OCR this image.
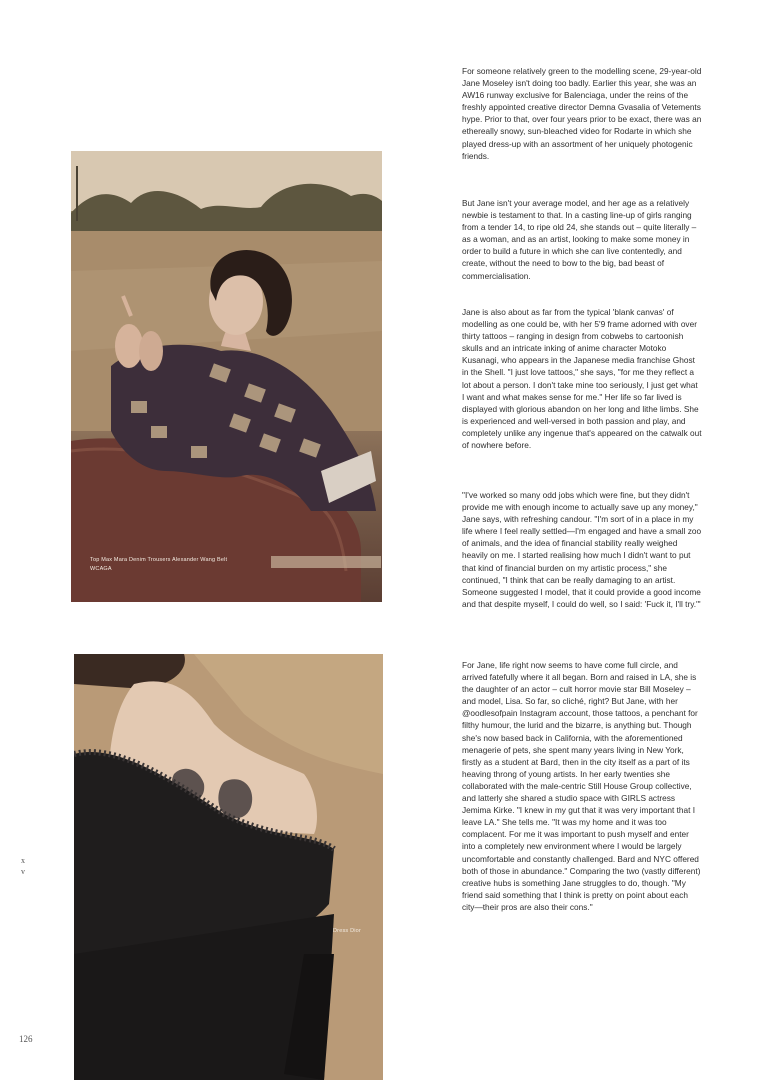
Top Max Mara Denim Trousers Alexander Wang Belt WCAGA
Dress Dior
For someone relatively green to the modelling scene, 29-year-old Jane Moseley isn't doing too badly. Earlier this year, she was an AW16 runway exclusive for Balenciaga, under the reins of the freshly appointed creative director Demna Gvasalia of Vetements hype. Prior to that, over four years prior to be exact, there was an ethereally snowy, sun-bleached video for Rodarte in which she played dress-up with an assortment of her uniquely photogenic friends.
But Jane isn't your average model, and her age as a relatively newbie is testament to that. In a casting line-up of girls ranging from a tender 14, to ripe old 24, she stands out – quite literally – as a woman, and as an artist, looking to make some money in order to build a future in which she can live contentedly, and create, without the need to bow to the big, bad beast of commercialisation.
Jane is also about as far from the typical 'blank canvas' of modelling as one could be, with her 5'9 frame adorned with over thirty tattoos – ranging in design from cobwebs to cartoonish skulls and an intricate inking of anime character Motoko Kusanagi, who appears in the Japanese media franchise Ghost in the Shell. "I just love tattoos," she says, "for me they reflect a lot about a person. I don't take mine too seriously, I just get what I want and what makes sense for me." Her life so far lived is displayed with glorious abandon on her long and lithe limbs. She is experienced and well-versed in both passion and play, and completely unlike any ingenue that's appeared on the catwalk out of nowhere before.
"I've worked so many odd jobs which were fine, but they didn't provide me with enough income to actually save up any money," Jane says, with refreshing candour. "I'm sort of in a place in my life where I feel really settled—I'm engaged and have a small zoo of animals, and the idea of financial stability really weighed heavily on me. I started realising how much I didn't want to put that kind of financial burden on my artistic process," she continued, "I think that can be really damaging to an artist. Someone suggested I model, that it could provide a good income and that despite myself, I could do well, so I said: 'Fuck it, I'll try.'"
For Jane, life right now seems to have come full circle, and arrived fatefully where it all began. Born and raised in LA, she is the daughter of an actor – cult horror movie star Bill Moseley – and model, Lisa. So far, so cliché, right? But Jane, with her @oodlesofpain Instagram account, those tattoos, a penchant for filthy humour, the lurid and the bizarre, is anything but. Though she's now based back in California, with the aforementioned menagerie of pets, she spent many years living in New York, firstly as a student at Bard, then in the city itself as a part of its heaving throng of young artists. In her early twenties she collaborated with the male-centric Still House Group collective, and latterly she shared a studio space with GIRLS actress Jemima Kirke. "I knew in my gut that it was very important that I leave LA." She tells me. "It was my home and it was too complacent. For me it was important to push myself and enter into a completely new environment where I would be largely uncomfortable and constantly challenged. Bard and NYC offered both of those in abundance." Comparing the two (vastly different) creative hubs is something Jane struggles to do, though. "My friend said something that I think is pretty on point about each city—their pros are also their cons."
x
v
126
